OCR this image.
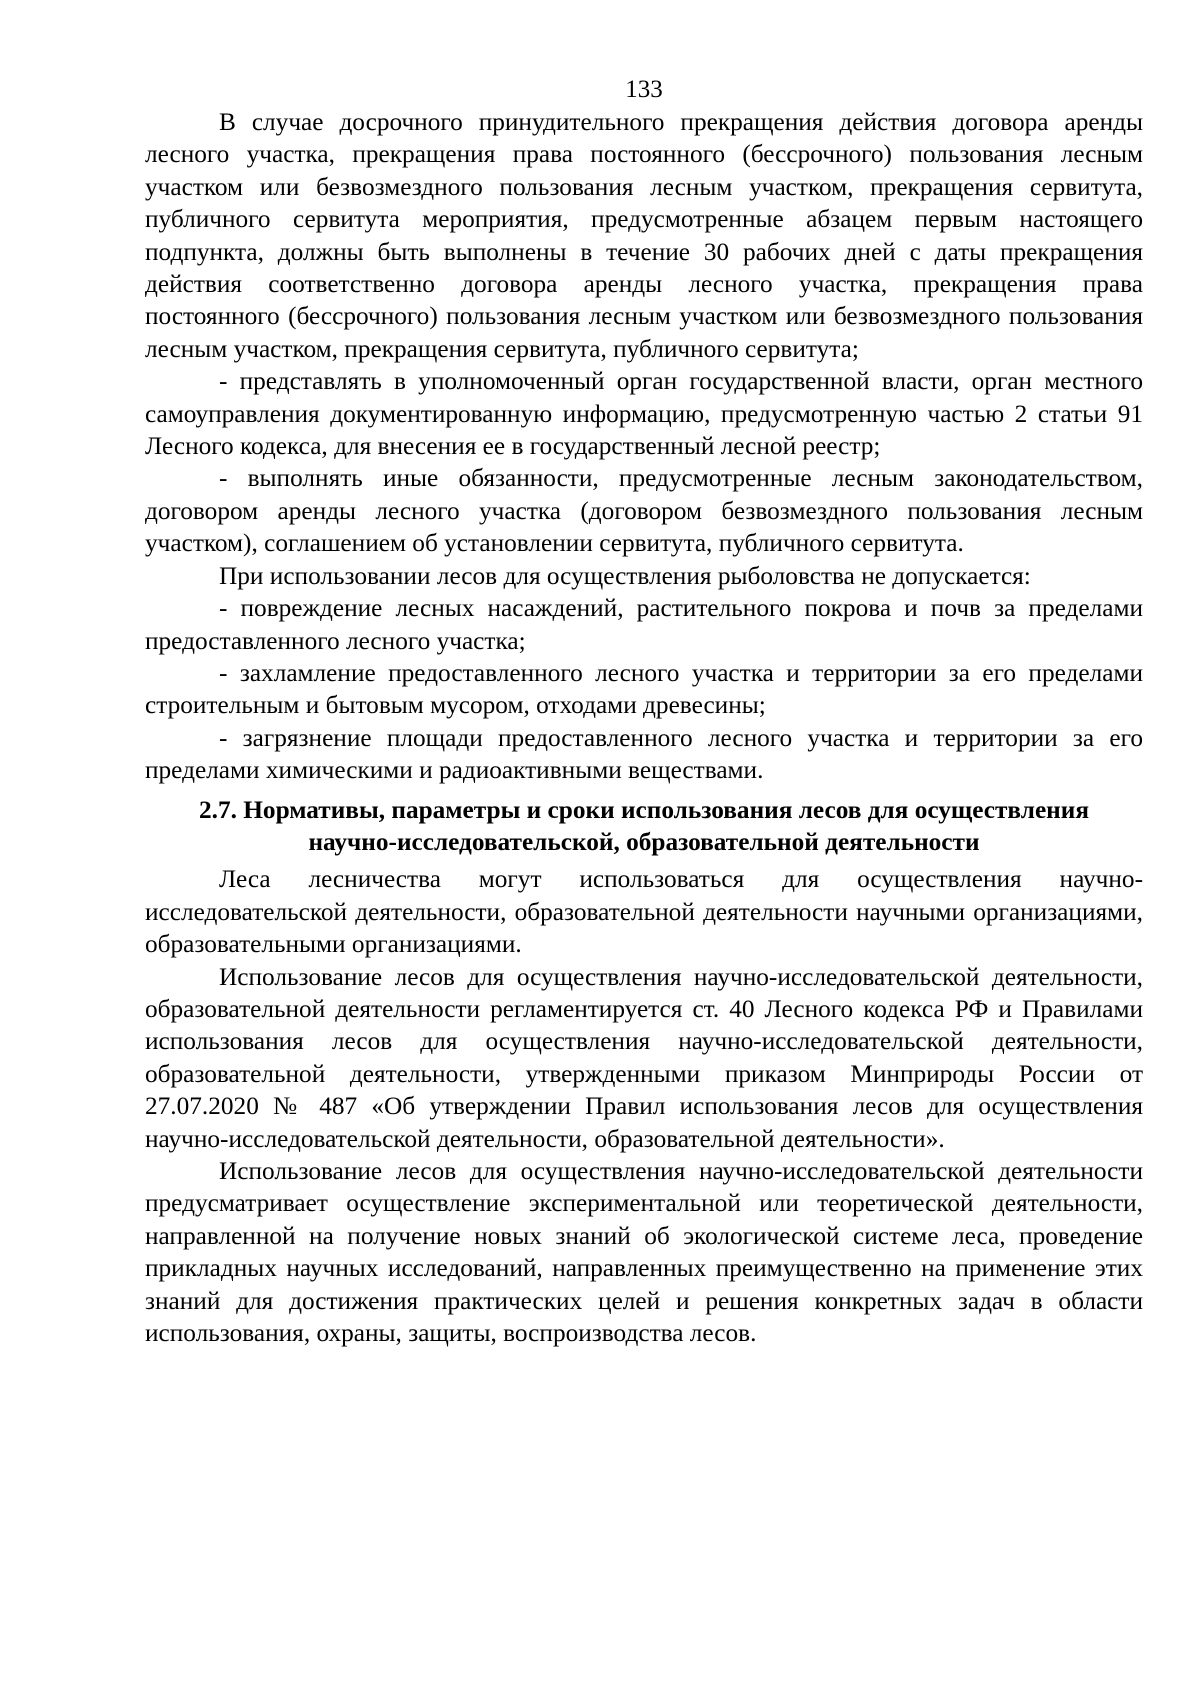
133

В случае досрочного принудительного прекращения действия договора аренды лесного участка, прекращения права постоянного (бессрочного) пользования лесным участком или безвозмездного пользования лесным участком, прекращения сервитута, публичного сервитута мероприятия, предусмотренные абзацем первым настоящего подпункта, должны быть выполнены в течение 30 рабочих дней с даты прекращения действия соответственно договора аренды лесного участка, прекращения права постоянного (бессрочного) пользования лесным участком или безвозмездного пользования лесным участком, прекращения сервитута, публичного сервитута;

- представлять в уполномоченный орган государственной власти, орган местного самоуправления документированную информацию, предусмотренную частью 2 статьи 91 Лесного кодекса, для внесения ее в государственный лесной реестр;

- выполнять иные обязанности, предусмотренные лесным законодательством, договором аренды лесного участка (договором безвозмездного пользования лесным участком), соглашением об установлении сервитута, публичного сервитута.

При использовании лесов для осуществления рыболовства не допускается:

- повреждение лесных насаждений, растительного покрова и почв за пределами предоставленного лесного участка;

- захламление предоставленного лесного участка и территории за его пределами строительным и бытовым мусором, отходами древесины;

- загрязнение площади предоставленного лесного участка и территории за его пределами химическими и радиоактивными веществами.

2.7. Нормативы, параметры и сроки использования лесов для осуществления
научно-исследовательской, образовательной деятельности

Леса лесничества могут использоваться для осуществления научно-исследовательской деятельности, образовательной деятельности научными организациями, образовательными организациями.

Использование лесов для осуществления научно-исследовательской деятельности, образовательной деятельности регламентируется ст. 40 Лесного кодекса РФ и Правилами использования лесов для осуществления научно-исследовательской деятельности, образовательной деятельности, утвержденными приказом Минприроды России от 27.07.2020 № 487 «Об утверждении Правил использования лесов для осуществления научно-исследовательской деятельности, образовательной деятельности».

Использование лесов для осуществления научно-исследовательской деятельности предусматривает осуществление экспериментальной или теоретической деятельности, направленной на получение новых знаний об экологической системе леса, проведение прикладных научных исследований, направленных преимущественно на применение этих знаний для достижения практических целей и решения конкретных задач в области использования, охраны, защиты, воспроизводства лесов.
